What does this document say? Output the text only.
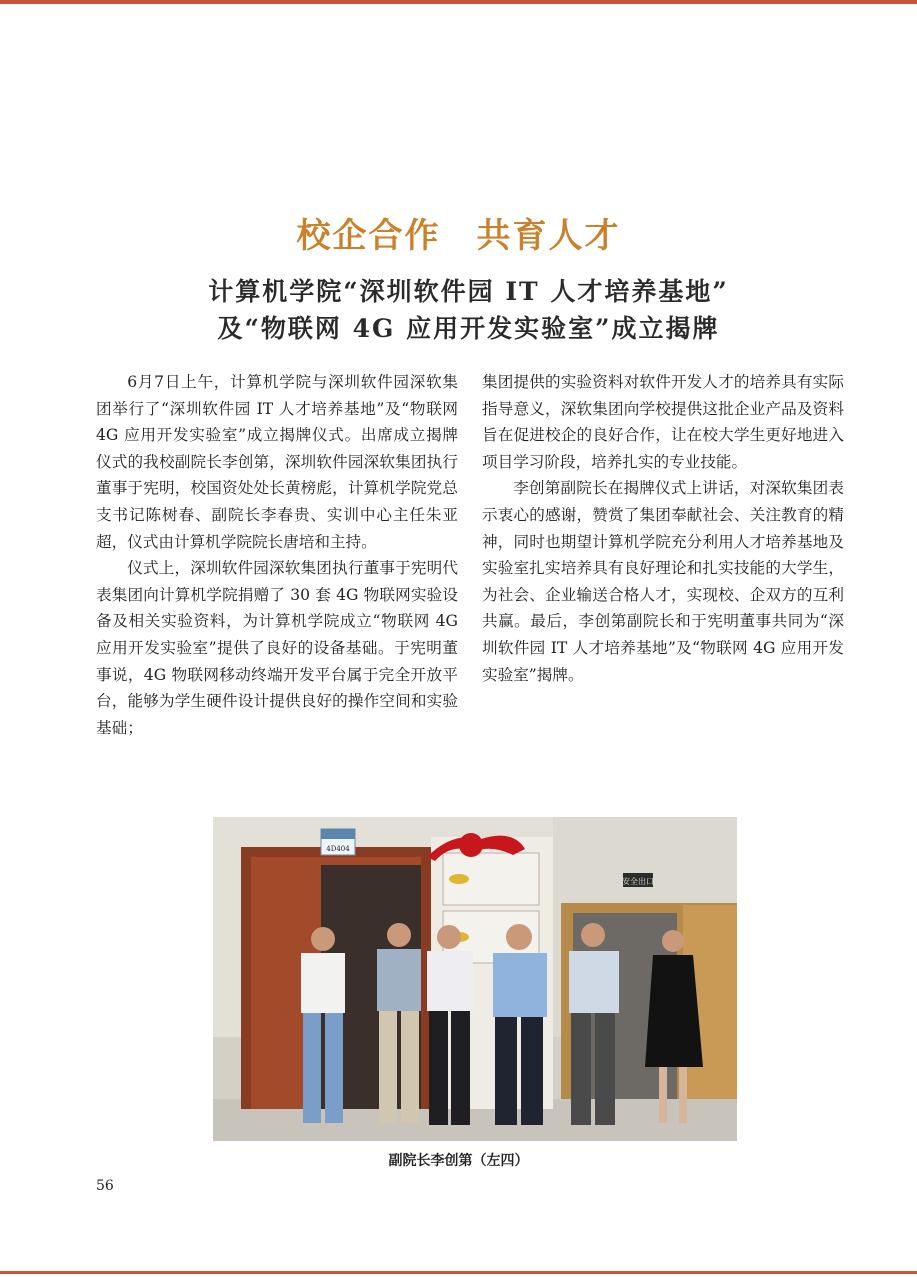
校企合作　共育人才
计算机学院“深圳软件园 IT 人才培养基地”
及“物联网 4G 应用开发实验室”成立揭牌

6月7日上午，计算机学院与深圳软件园深软集团举行了“深圳软件园 IT 人才培养基地”及“物联网 4G 应用开发实验室”成立揭牌仪式。出席成立揭牌仪式的我校副院长李创第，深圳软件园深软集团执行董事于宪明，校国资处处长黄榜彪，计算机学院党总支书记陈树春、副院长李春贵、实训中心主任朱亚超，仪式由计算机学院院长唐培和主持。

仪式上，深圳软件园深软集团执行董事于宪明代表集团向计算机学院捐赠了 30 套 4G 物联网实验设备及相关实验资料，为计算机学院成立“物联网 4G 应用开发实验室”提供了良好的设备基础。于宪明董事说，4G 物联网移动终端开发平台属于完全开放平台，能够为学生硬件设计提供良好的操作空间和实验基础；

集团提供的实验资料对软件开发人才的培养具有实际指导意义，深软集团向学校提供这批企业产品及资料旨在促进校企的良好合作，让在校大学生更好地进入项目学习阶段，培养扎实的专业技能。

李创第副院长在揭牌仪式上讲话，对深软集团表示衷心的感谢，赞赏了集团奉献社会、关注教育的精神，同时也期望计算机学院充分利用人才培养基地及实验室扎实培养具有良好理论和扎实技能的大学生，为社会、企业输送合格人才，实现校、企双方的互利共赢。最后，李创第副院长和于宪明董事共同为“深圳软件园 IT 人才培养基地”及“物联网 4G 应用开发实验室”揭牌。

4D404
安全出口
副院长李创第（左四）
56
